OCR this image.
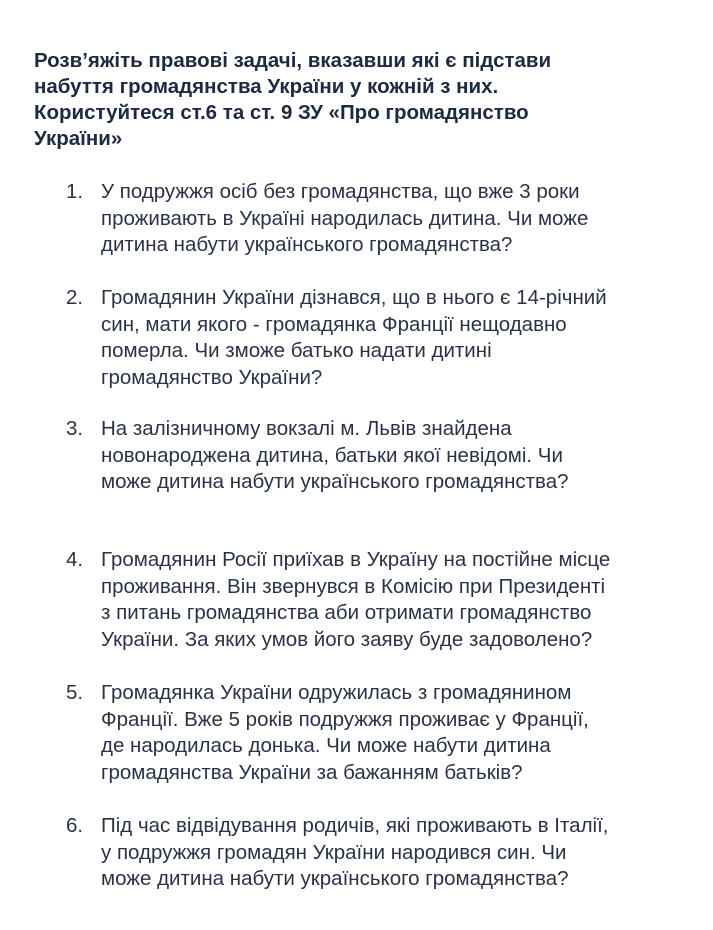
Розв’яжіть правові задачі, вказавши які є підстави
набуття громадянства України у кожній з них.
Користуйтеся ст.6 та ст. 9 ЗУ «Про громадянство
України»

1. У подружжя осіб без громадянства, що вже 3 роки
проживають в Україні народилась дитина. Чи може
дитина набути українського громадянства?

2. Громадянин України дізнався, що в нього є 14-річний
син, мати якого - громадянка Франції нещодавно
померла. Чи зможе батько надати дитині
громадянство України?

3. На залізничному вокзалі м. Львів знайдена
новонароджена дитина, батьки якої невідомі. Чи
може дитина набути українського громадянства?

4. Громадянин Росії приїхав в Україну на постійне місце
проживання. Він звернувся в Комісію при Президенті
з питань громадянства аби отримати громадянство
України. За яких умов його заяву буде задоволено?

5. Громадянка України одружилась з громадянином
Франції. Вже 5 років подружжя проживає у Франції,
де народилась донька. Чи може набути дитина
громадянства України за бажанням батьків?

6. Під час відвідування родичів, які проживають в Італії,
у подружжя громадян України народився син. Чи
може дитина набути українського громадянства?
